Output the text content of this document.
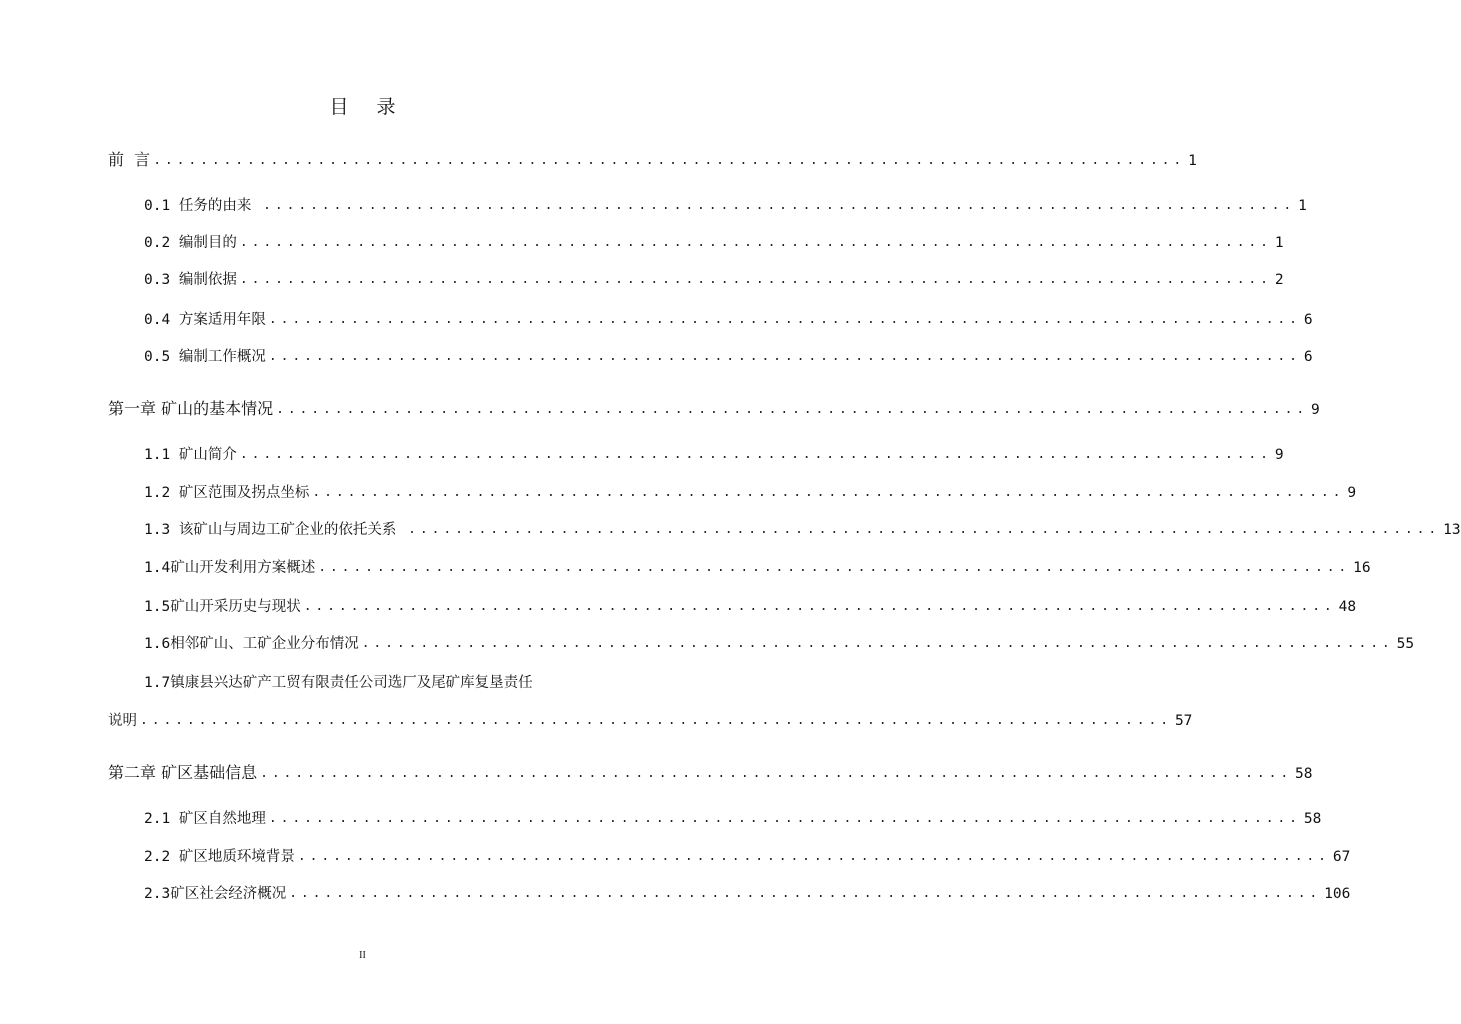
目 录
前  言 ........................................................................................ 1
0.1 任务的由来 ........................................................................................ 1
0.2 编制目的 ........................................................................................ 1
0.3 编制依据 ........................................................................................ 2
0.4 方案适用年限 ........................................................................................ 6
0.5 编制工作概况 ........................................................................................ 6
第一章 矿山的基本情况 ........................................................................................ 9
1.1 矿山简介 ........................................................................................ 9
1.2 矿区范围及拐点坐标 ........................................................................................ 9
1.3 该矿山与周边工矿企业的依托关系 ........................................................................................ 13
1.4矿山开发利用方案概述 ........................................................................................ 16
1.5矿山开采历史与现状 ........................................................................................ 48
1.6相邻矿山、工矿企业分布情况 ........................................................................................ 55
1.7镇康县兴达矿产工贸有限责任公司选厂及尾矿库复垦责任
说明 ........................................................................................ 57
第二章 矿区基础信息 ........................................................................................ 58
2.1 矿区自然地理 ........................................................................................ 58
2.2 矿区地质环境背景 ........................................................................................ 67
2.3矿区社会经济概况 ........................................................................................ 106
II
